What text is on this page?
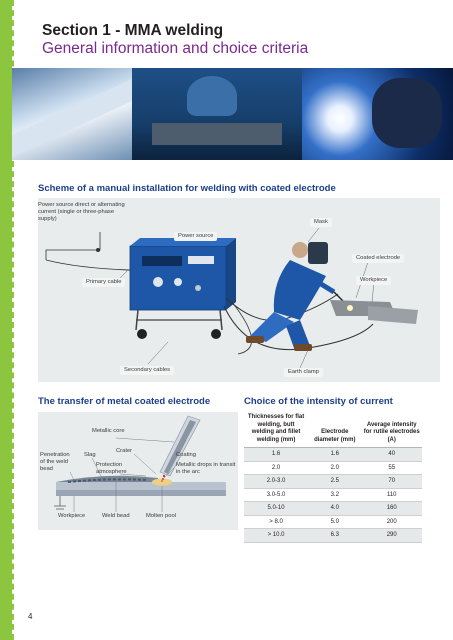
Section 1 - MMA welding
General information and choice criteria
Scheme of a manual installation for welding with coated electrode
Power source direct or alternating current (single or three-phase supply)
Power source
Mask
Coated electrode
Primary cable	Workpiece
Secondary cables	Earth clamp
The transfer of metal coated electrode
Metallic core
Crater
Coating
Penetration of the weld bead
Slag
Protection atmosphere
Metallic drops in transit in the arc
Workpiece	Weld bead	Molten pool
Choice of the intensity of current
Thicknesses for flat welding, butt welding and fillet welding (mm)	Electrode diameter (mm)	Average intensity for rutile electrodes (A)
1.6	1.6	40
2.0	2.0	55
2.0-3.0	2.5	70
3.0-5.0	3.2	110
5.0-10	4.0	160
> 8.0	5.0	200
> 10.0	6.3	290
4
